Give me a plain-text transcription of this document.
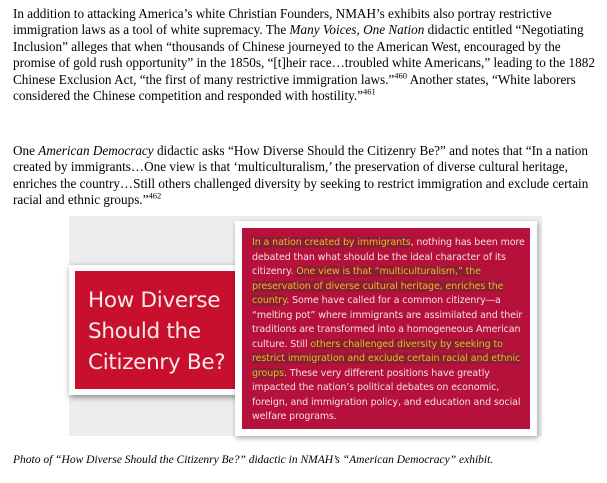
In addition to attacking America’s white Christian Founders, NMAH’s exhibits also portray restrictive immigration laws as a tool of white supremacy. The Many Voices, One Nation didactic entitled “Negotiating Inclusion” alleges that when “thousands of Chinese journeyed to the American West, encouraged by the promise of gold rush opportunity” in the 1850s, “[t]heir race…troubled white Americans,” leading to the 1882 Chinese Exclusion Act, “the first of many restrictive immigration laws.”$^{460}$ Another states, “White laborers considered the Chinese competition and responded with hostility.”$^{461}$

One American Democracy didactic asks “How Diverse Should the Citizenry Be?” and notes that “In a nation created by immigrants…One view is that ‘multiculturalism,’ the preservation of diverse cultural heritage, enriches the country…Still others challenged diversity by seeking to restrict immigration and exclude certain racial and ethnic groups.”$^{462}$

How Diverse
Should the
Citizenry Be?

In a nation created by immigrants, nothing has been more debated than what should be the ideal character of its citizenry. One view is that “multiculturalism,” the preservation of diverse cultural heritage, enriches the country. Some have called for a common citizenry—a “melting pot” where immigrants are assimilated and their traditions are transformed into a homogeneous American culture. Still others challenged diversity by seeking to restrict immigration and exclude certain racial and ethnic groups. These very different positions have greatly impacted the nation’s political debates on economic, foreign, and immigration policy, and education and social welfare programs.

Photo of “How Diverse Should the Citizenry Be?” didactic in NMAH’s “American Democracy” exhibit.
